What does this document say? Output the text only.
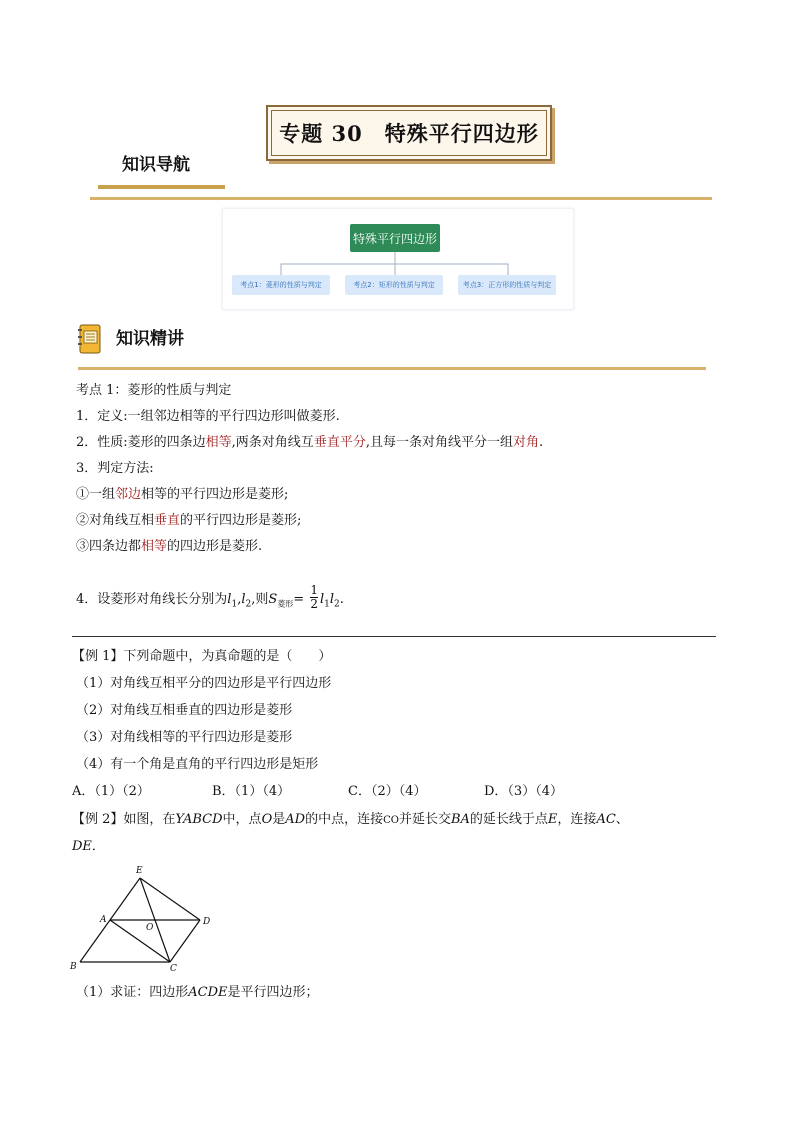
专题 30 特殊平行四边形
知识导航
特殊平行四边形
考点1：菱形的性质与判定	考点2：矩形的性质与判定	考点3：正方形的性质与判定
知识精讲
考点 1：菱形的性质与判定
1．定义:一组邻边相等的平行四边形叫做菱形.
2．性质:菱形的四条边相等,两条对角线互垂直平分,且每一条对角线平分一组对角.
3．判定方法:
①一组邻边相等的平行四边形是菱形;
②对角线互相垂直的平行四边形是菱形;
③四条边都相等的四边形是菱形.
4．设菱形对角线长分别为$l_1,l_2$,则$S_{菱形}= \frac{1}{2} l_1l_2$.
【例 1】下列命题中，为真命题的是（　　）
（1）对角线互相平分的四边形是平行四边形
（2）对角线互相垂直的四边形是菱形
（3）对角线相等的平行四边形是菱形
（4）有一个角是直角的平行四边形是矩形
A．（1）（2）	B．（1）（4）	C．（2）（4）	D．（3）（4）
【例 2】如图，在YABCD中，点O是AD的中点，连接CO并延长交BA的延长线于点E，连接AC、
DE．
E
A
O
D
B	C
（1）求证：四边形ACDE是平行四边形；
